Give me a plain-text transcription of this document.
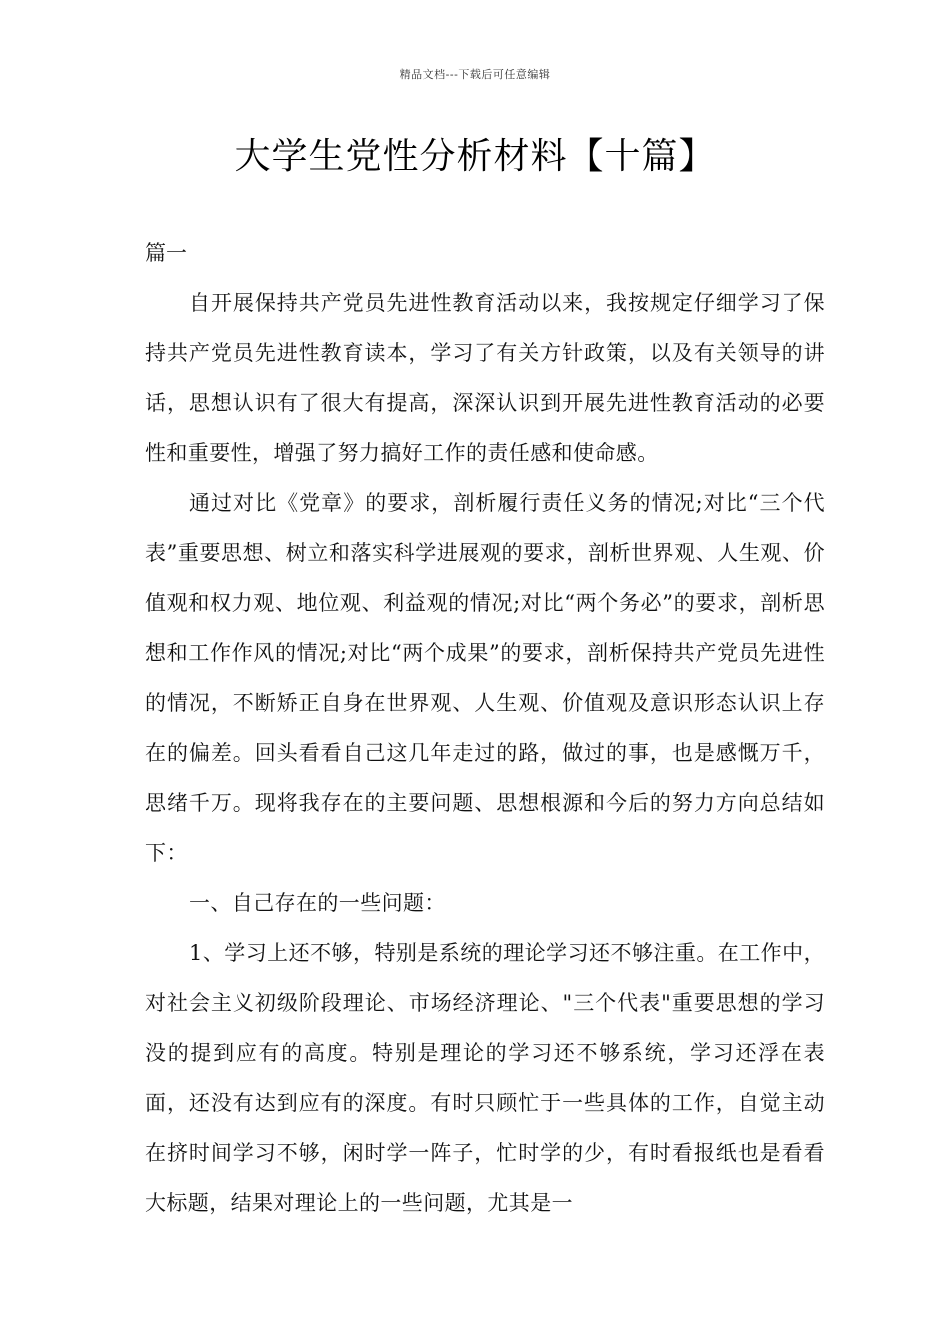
精品文档---下载后可任意编辑
大学生党性分析材料【十篇】

篇一

自开展保持共产党员先进性教育活动以来，我按规定仔细学习了保持共产党员先进性教育读本，学习了有关方针政策，以及有关领导的讲话，思想认识有了很大有提高，深深认识到开展先进性教育活动的必要性和重要性，增强了努力搞好工作的责任感和使命感。

通过对比《党章》的要求，剖析履行责任义务的情况;对比“三个代表”重要思想、树立和落实科学进展观的要求，剖析世界观、人生观、价值观和权力观、地位观、利益观的情况;对比“两个务必”的要求，剖析思想和工作作风的情况;对比“两个成果”的要求，剖析保持共产党员先进性的情况，不断矫正自身在世界观、人生观、价值观及意识形态认识上存在的偏差。回头看看自己这几年走过的路，做过的事，也是感慨万千，思绪千万。现将我存在的主要问题、思想根源和今后的努力方向总结如下：

一、自己存在的一些问题：

1、学习上还不够，特别是系统的理论学习还不够注重。在工作中，对社会主义初级阶段理论、市场经济理论、"三个代表"重要思想的学习没的提到应有的高度。特别是理论的学习还不够系统，学习还浮在表面，还没有达到应有的深度。有时只顾忙于一些具体的工作，自觉主动在挤时间学习不够，闲时学一阵子，忙时学的少，有时看报纸也是看看大标题，结果对理论上的一些问题，尤其是一
